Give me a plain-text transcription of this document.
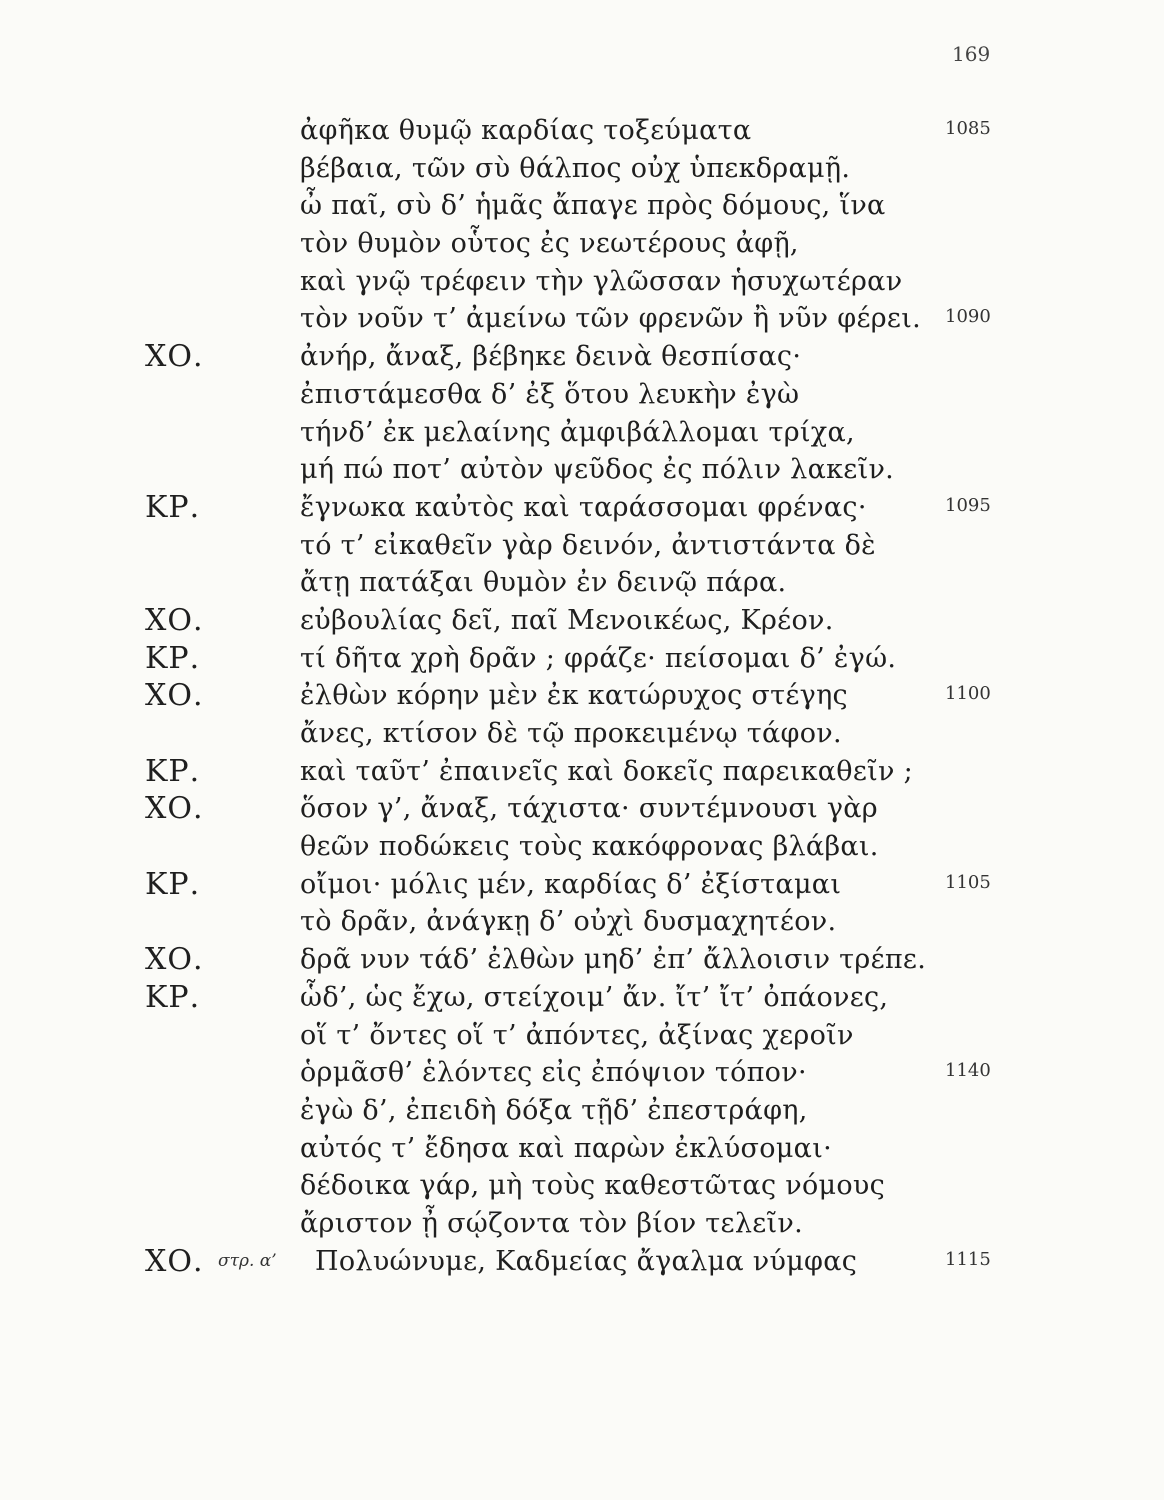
169
ἀφῆκα θυμῷ καρδίας τοξεύματα	1085
βέβαια, τῶν σὺ θάλπος οὐχ ὑπεκδραμῇ.
ὦ παῖ, σὺ δ’ ἡμᾶς ἄπαγε πρὸς δόμους, ἵνα
τὸν θυμὸν οὗτος ἐς νεωτέρους ἀφῇ,
καὶ γνῷ τρέφειν τὴν γλῶσσαν ἡσυχωτέραν
τὸν νοῦν τ’ ἀμείνω τῶν φρενῶν ἢ νῦν φέρει. 1090
ΧΟ.	ἀνήρ, ἄναξ, βέβηκε δεινὰ θεσπίσας·
ἐπιστάμεσθα δ’ ἐξ ὅτου λευκὴν ἐγὼ
τήνδ’ ἐκ μελαίνης ἀμφιβάλλομαι τρίχα,
μή πώ ποτ’ αὐτὸν ψεῦδος ἐς πόλιν λακεῖν.
ΚΡ.	ἔγνωκα καὐτὸς καὶ ταράσσομαι φρένας·	1095
τό τ’ εἰκαθεῖν γὰρ δεινόν, ἀντιστάντα δὲ
ἄτῃ πατάξαι θυμὸν ἐν δεινῷ πάρα.
ΧΟ.	εὐβουλίας δεῖ, παῖ Μενοικέως, Κρέον.
ΚΡ.	τί δῆτα χρὴ δρᾶν ; φράζε· πείσομαι δ’ ἐγώ.
ΧΟ.	ἐλθὼν κόρην μὲν ἐκ κατώρυχος στέγης	1100
ἄνες, κτίσον δὲ τῷ προκειμένῳ τάφον.
ΚΡ.	καὶ ταῦτ’ ἐπαινεῖς καὶ δοκεῖς παρεικαθεῖν ;
ΧΟ.	ὅσον γ’, ἄναξ, τάχιστα· συντέμνουσι γὰρ
θεῶν ποδώκεις τοὺς κακόφρονας βλάβαι.
ΚΡ.	οἴμοι· μόλις μέν, καρδίας δ’ ἐξίσταμαι	1105
τὸ δρᾶν, ἀνάγκῃ δ’ οὐχὶ δυσμαχητέον.
ΧΟ.	δρᾶ νυν τάδ’ ἐλθὼν μηδ’ ἐπ’ ἄλλοισιν τρέπε.
ΚΡ.	ὧδ’, ὡς ἔχω, στείχοιμ’ ἄν. ἴτ’ ἴτ’ ὀπάονες,
οἵ τ’ ὄντες οἵ τ’ ἀπόντες, ἀξίνας χεροῖν
ὁρμᾶσθ’ ἑλόντες εἰς ἐπόψιον τόπον·	1140
ἐγὼ δ’, ἐπειδὴ δόξα τῇδ’ ἐπεστράφη,
αὐτός τ’ ἔδησα καὶ παρὼν ἐκλύσομαι·
δέδοικα γάρ, μὴ τοὺς καθεστῶτας νόμους
ἄριστον ᾖ σῴζοντα τὸν βίον τελεῖν.
ΧΟ. στρ. α’ Πολυώνυμε, Καδμείας ἄγαλμα νύμφας	1115
